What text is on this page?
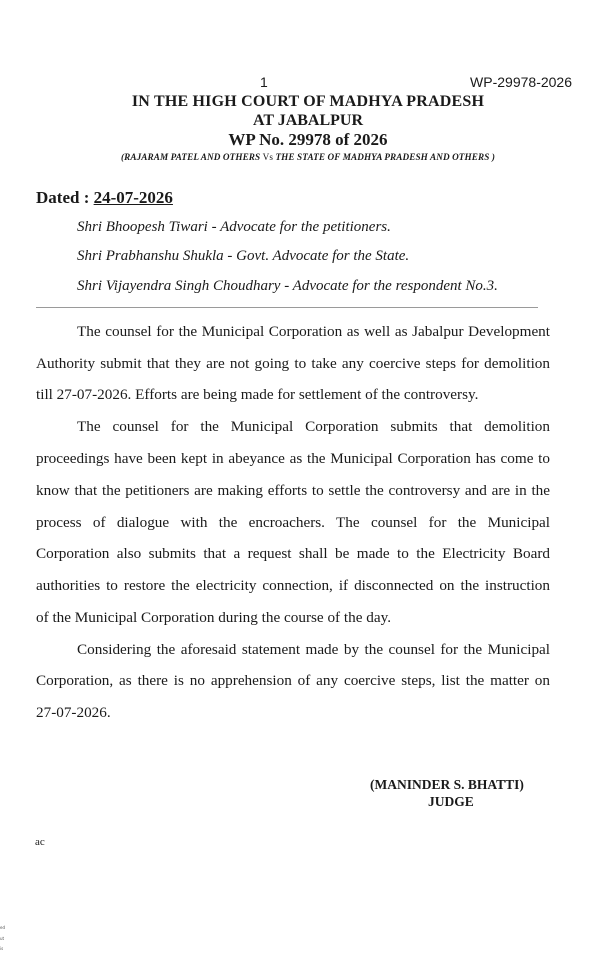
1	WP-29978-2026
IN THE HIGH COURT OF MADHYA PRADESH
AT JABALPUR
WP No. 29978 of 2026
(RAJARAM PATEL AND OTHERS Vs THE STATE OF MADHYA PRADESH AND OTHERS )
Dated : 24-07-2026
Shri Bhoopesh Tiwari - Advocate for the petitioners.
Shri Prabhanshu Shukla - Govt. Advocate for the State.
Shri Vijayendra Singh Choudhary - Advocate for the respondent No.3.
The counsel for the Municipal Corporation as well as Jabalpur Development
Authority submit that they are not going to take any coercive steps for demolition
till 27-07-2026. Efforts are being made for settlement of the controversy.
The counsel for the Municipal Corporation submits that demolition
proceedings have been kept in abeyance as the Municipal Corporation has come to
know that the petitioners are making efforts to settle the controversy and are in the
process of dialogue with the encroachers. The counsel for the Municipal
Corporation also submits that a request shall be made to the Electricity Board
authorities to restore the electricity connection, if disconnected on the instruction
of the Municipal Corporation during the course of the day.
Considering the aforesaid statement made by the counsel for the Municipal
Corporation, as there is no apprehension of any coercive steps, list the matter on
27-07-2026.
(MANINDER S. BHATTI)
JUDGE
ac
ed
ut
is
